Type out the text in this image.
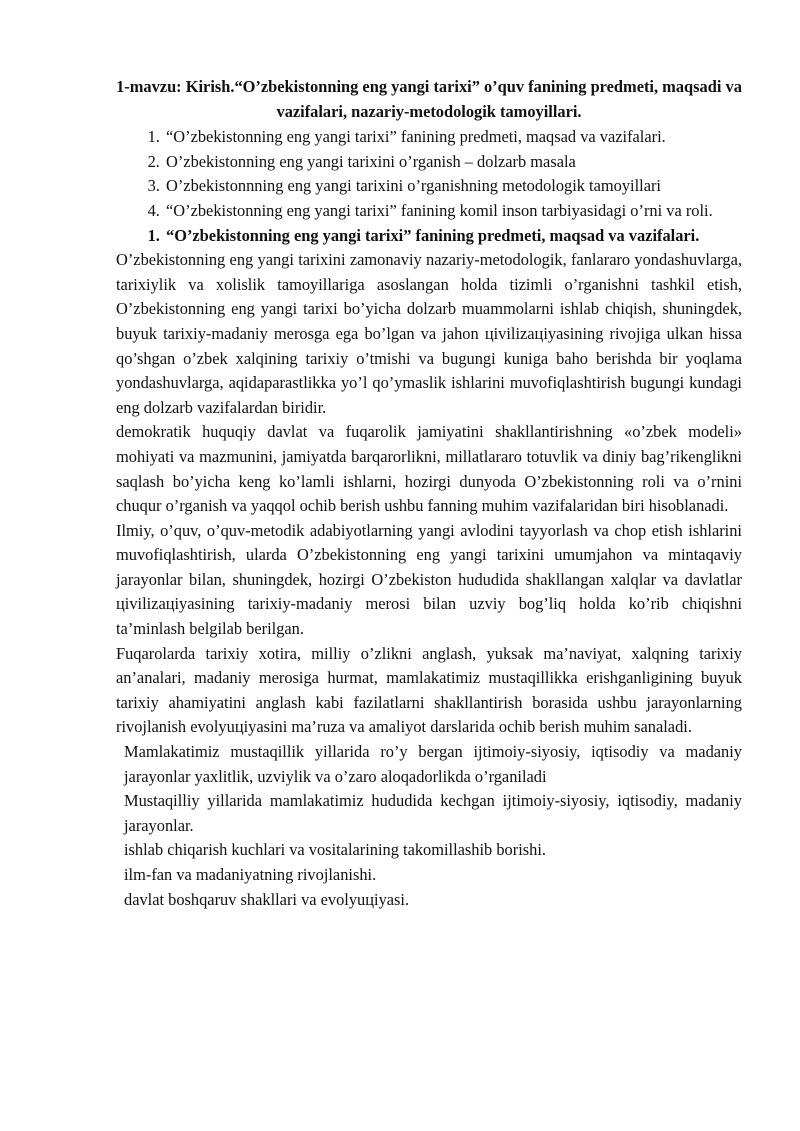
1-mavzu: Kirish.“O’zbekistonning eng yangi tarixi” o’quv fanining predmeti, maqsadi va vazifalari, nazariy-metodologik tamoyillari.
1. “O’zbekistonning eng yangi tarixi” fanining predmeti, maqsad va vazifalari.
2. O’zbekistonning eng yangi tarixini o’rganish – dolzarb masala
3. O’zbekistonnning eng yangi tarixini o’rganishning metodologik tamoyillari
4. “O’zbekistonning eng yangi tarixi” fanining komil inson tarbiyasidagi o’rni va roli.
1. “O’zbekistonning eng yangi tarixi” fanining predmeti, maqsad va vazifalari.

O’zbekistonning eng yangi tarixini zamonaviy nazariy-metodologik, fanlararo yondashuvlarga, tarixiylik va xolislik tamoyillariga asoslangan holda tizimli o’rganishni tashkil etish, O’zbekistonning eng yangi tarixi bo’yicha dolzarb muammolarni ishlab chiqish, shuningdek, buyuk tarixiy-madaniy merosga ega bo’lgan va jahon цivilizaцiyasining rivojiga ulkan hissa qo’shgan o’zbek xalqining tarixiy o’tmishi va bugungi kuniga baho berishda bir yoqlama yondashuvlarga, aqidaparastlikka yo’l qo’ymaslik ishlarini muvofiqlashtirish bugungi kundagi eng dolzarb vazifalardan biridir.

demokratik huquqiy davlat va fuqarolik jamiyatini shakllantirishning «o’zbek modeli» mohiyati va mazmunini, jamiyatda barqarorlikni, millatlararo totuvlik va diniy bag’rikenglikni saqlash bo’yicha keng ko’lamli ishlarni, hozirgi dunyoda O’zbekistonning roli va o’rnini chuqur o’rganish va yaqqol ochib berish ushbu fanning muhim vazifalaridan biri hisoblanadi.

Ilmiy, o’quv, o’quv-metodik adabiyotlarning yangi avlodini tayyorlash va chop etish ishlarini muvofiqlashtirish, ularda O’zbekistonning eng yangi tarixini umumjahon va mintaqaviy jarayonlar bilan, shuningdek, hozirgi O’zbekiston hududida shakllangan xalqlar va davlatlar цivilizaцiyasining tarixiy-madaniy merosi bilan uzviy bog’liq holda ko’rib chiqishni ta’minlash belgilab berilgan.

Fuqarolarda tarixiy xotira, milliy o’zlikni anglash, yuksak ma’naviyat, xalqning tarixiy an’analari, madaniy merosiga hurmat, mamlakatimiz mustaqillikka erishganligining buyuk tarixiy ahamiyatini anglash kabi fazilatlarni shakllantirish borasida ushbu jarayonlarning rivojlanish evolyuцiyasini ma’ruza va amaliyot darslarida ochib berish muhim sanaladi.

Mamlakatimiz mustaqillik yillarida ro’y bergan ijtimoiy-siyosiy, iqtisodiy va madaniy jarayonlar yaxlitlik, uzviylik va o’zaro aloqadorlikda o’rganiladi
Mustaqilliy yillarida mamlakatimiz hududida kechgan ijtimoiy-siyosiy, iqtisodiy, madaniy jarayonlar.
ishlab chiqarish kuchlari va vositalarining takomillashib borishi.
ilm-fan va madaniyatning rivojlanishi.
davlat boshqaruv shakllari va evolyuцiyasi.
